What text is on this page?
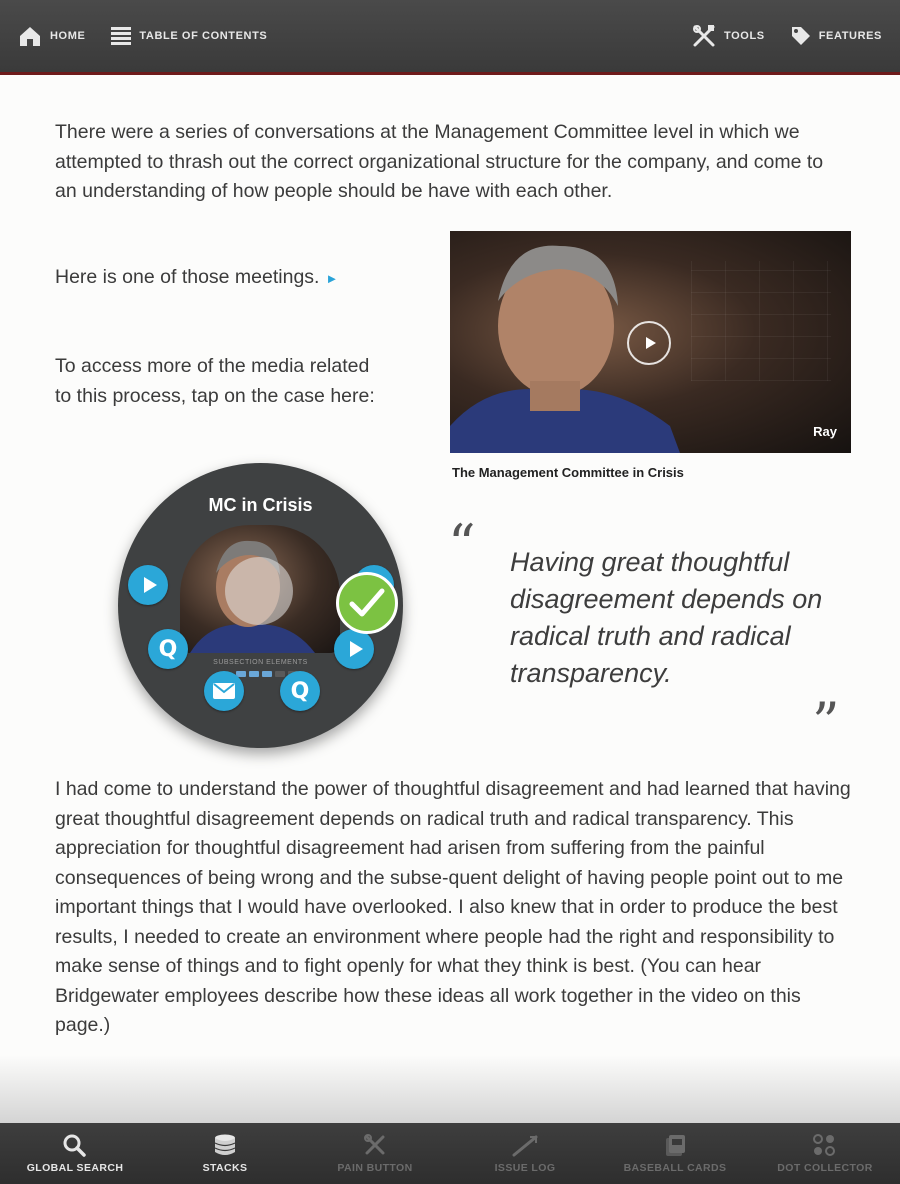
HOME	TABLE OF CONTENTS	TOOLS	FEATURES

There were a series of conversations at the Management Committee level in which we attempted to thrash out the correct organizational structure for the company, and come to an understanding of how people should be have with each other.

Here is one of those meetings. ►

To access more of the media related to this process, tap on the case here:

Ray

The Management Committee in Crisis

MC in Crisis
SUBSECTION ELEMENTS
Q
Q
“ Having great thoughtful disagreement depends on radical truth and radical transparency.

”

I had come to understand the power of thoughtful disagreement and had learned that having great thoughtful disagreement depends on radical truth and radical transparency. This appreciation for thoughtful disagreement had arisen from suffering from the painful consequences of being wrong and the subse-quent delight of having people point out to me important things that I would have overlooked. I also knew that in order to produce the best results, I needed to create an environment where people had the right and responsibility to make sense of things and to fight openly for what they think is best. (You can hear Bridgewater employees describe how these ideas all work together in the video on this page.)

GLOBAL SEARCH	STACKS	PAIN BUTTON	ISSUE LOG	BASEBALL CARDS	DOT COLLECTOR
